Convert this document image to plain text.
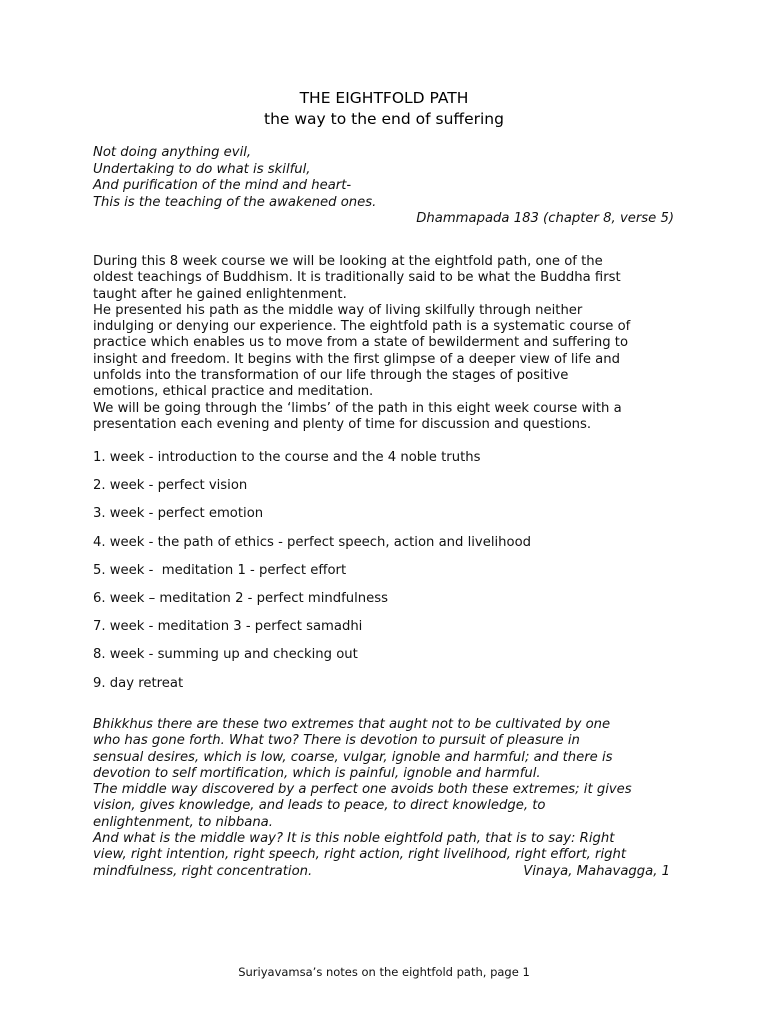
THE EIGHTFOLD PATH
the way to the end of suffering
Not doing anything evil,
Undertaking to do what is skilful,
And purification of the mind and heart-
This is the teaching of the awakened ones.
Dhammapada 183 (chapter 8, verse 5)
During this 8 week course we will be looking at the eightfold path, one of the
oldest teachings of Buddhism. It is traditionally said to be what the Buddha first
taught after he gained enlightenment.
He presented his path as the middle way of living skilfully through neither
indulging or denying our experience. The eightfold path is a systematic course of
practice which enables us to move from a state of bewilderment and suffering to
insight and freedom. It begins with the first glimpse of a deeper view of life and
unfolds into the transformation of our life through the stages of positive
emotions, ethical practice and meditation.
We will be going through the ‘limbs’ of the path in this eight week course with a
presentation each evening and plenty of time for discussion and questions.
1. week - introduction to the course and the 4 noble truths
2. week - perfect vision
3. week - perfect emotion
4. week - the path of ethics - perfect speech, action and livelihood
5. week -  meditation 1 - perfect effort
6. week – meditation 2 - perfect mindfulness
7. week - meditation 3 - perfect samadhi
8. week - summing up and checking out
9. day retreat
Bhikkhus there are these two extremes that aught not to be cultivated by one
who has gone forth. What two? There is devotion to pursuit of pleasure in
sensual desires, which is low, coarse, vulgar, ignoble and harmful; and there is
devotion to self mortification, which is painful, ignoble and harmful.
The middle way discovered by a perfect one avoids both these extremes; it gives
vision, gives knowledge, and leads to peace, to direct knowledge, to
enlightenment, to nibbana.
And what is the middle way? It is this noble eightfold path, that is to say: Right
view, right intention, right speech, right action, right livelihood, right effort, right
mindfulness, right concentration.	Vinaya, Mahavagga, 1
Suriyavamsa’s notes on the eightfold path, page 1
